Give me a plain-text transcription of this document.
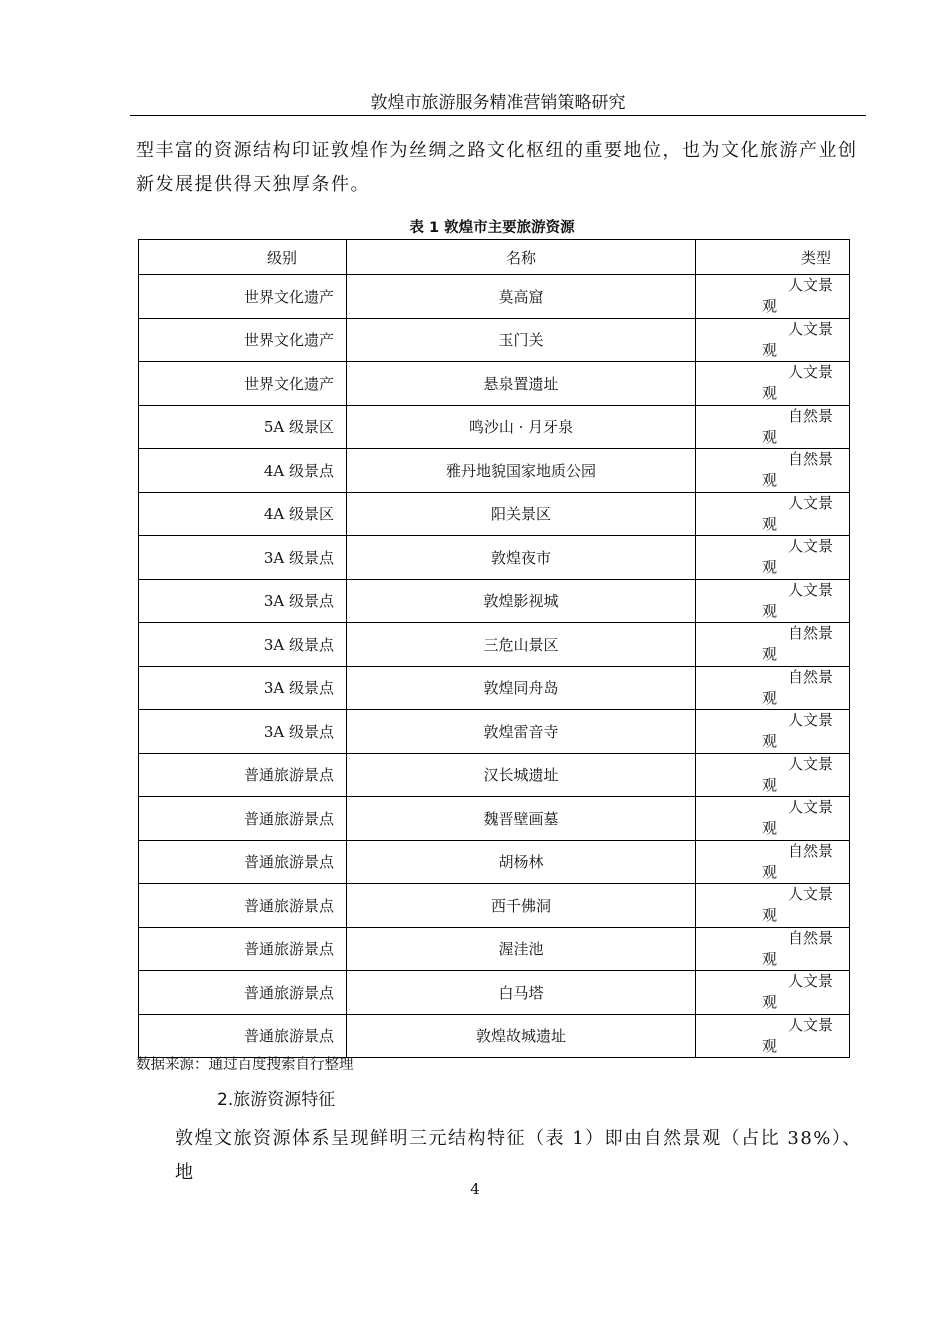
敦煌市旅游服务精准营销策略研究
型丰富的资源结构印证敦煌作为丝绸之路文化枢纽的重要地位，也为文化旅游产业创
新发展提供得天独厚条件。
表 1 敦煌市主要旅游资源
级别	名称	类型
世界文化遗产	莫高窟	人文景观

世界文化遗产	玉门关	人文景观

世界文化遗产	悬泉置遗址	人文景观

5A 级景区	鸣沙山 · 月牙泉	自然景观

4A 级景点	雅丹地貌国家地质公园	自然景观

4A 级景区	阳关景区	人文景观

3A 级景点	敦煌夜市	人文景观

3A 级景点	敦煌影视城	人文景观

3A 级景点	三危山景区	自然景观

3A 级景点	敦煌同舟岛	自然景观

3A 级景点	敦煌雷音寺	人文景观

普通旅游景点	汉长城遗址	人文景观

普通旅游景点	魏晋壁画墓	人文景观

普通旅游景点	胡杨林	自然景观

普通旅游景点	西千佛洞	人文景观

普通旅游景点	渥洼池	自然景观

普通旅游景点	白马塔	人文景观

普通旅游景点	敦煌故城遗址	人文景观
数据来源：通过百度搜索自行整理
2.旅游资源特征
敦煌文旅资源体系呈现鲜明三元结构特征（表 1）即由自然景观（占比 38%）、地
4
